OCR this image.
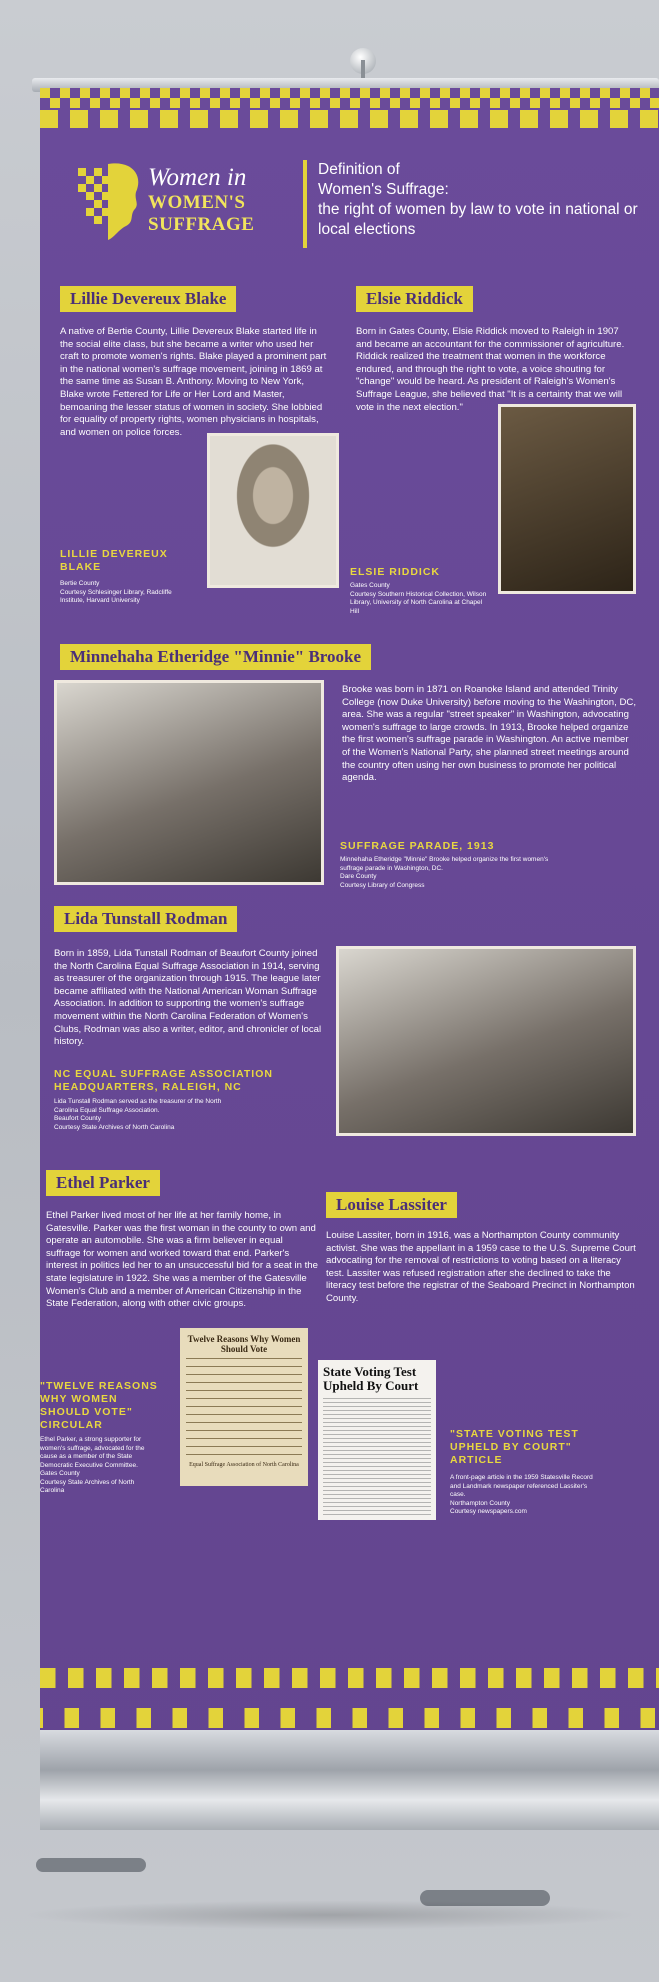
Women in
WOMEN'S
SUFFRAGE
Definition of
Women's Suffrage:
the right of women by law to vote in national or local elections
Lillie Devereux Blake
A native of Bertie County, Lillie Devereux Blake started life in the social elite class, but she became a writer who used her craft to promote women's rights. Blake played a prominent part in the national women's suffrage movement, joining in 1869 at the same time as Susan B. Anthony. Moving to New York, Blake wrote Fettered for Life or Her Lord and Master, bemoaning the lesser status of women in society. She lobbied for equality of property rights, women physicians in hospitals, and women on police forces.
LILLIE DEVEREUX BLAKE
Bertie County
Courtesy Schlesinger Library, Radcliffe Institute, Harvard University
Elsie Riddick
Born in Gates County, Elsie Riddick moved to Raleigh in 1907 and became an accountant for the commissioner of agriculture. Riddick realized the treatment that women in the workforce endured, and through the right to vote, a voice shouting for "change" would be heard. As president of Raleigh's Women's Suffrage League, she believed that "It is a certainty that we will vote in the next election."
ELSIE RIDDICK
Gates County
Courtesy Southern Historical Collection, Wilson Library, University of North Carolina at Chapel Hill
Minnehaha Etheridge "Minnie" Brooke
Brooke was born in 1871 on Roanoke Island and attended Trinity College (now Duke University) before moving to the Washington, DC, area. She was a regular "street speaker" in Washington, advocating women's suffrage to large crowds. In 1913, Brooke helped organize the first women's suffrage parade in Washington. An active member of the Women's National Party, she planned street meetings around the country often using her own business to promote her political agenda.
SUFFRAGE PARADE, 1913
Minnehaha Etheridge "Minnie" Brooke helped organize the first women's suffrage parade in Washington, DC.
Dare County
Courtesy Library of Congress
Lida Tunstall Rodman
Born in 1859, Lida Tunstall Rodman of Beaufort County joined the North Carolina Equal Suffrage Association in 1914, serving as treasurer of the organization through 1915. The league later became affiliated with the National American Woman Suffrage Association. In addition to supporting the women's suffrage movement within the North Carolina Federation of Women's Clubs, Rodman was also a writer, editor, and chronicler of local history.
NC EQUAL SUFFRAGE ASSOCIATION HEADQUARTERS, RALEIGH, NC
Lida Tunstall Rodman served as the treasurer of the North Carolina Equal Suffrage Association.
Beaufort County
Courtesy State Archives of North Carolina
Ethel Parker
Ethel Parker lived most of her life at her family home, in Gatesville. Parker was the first woman in the county to own and operate an automobile. She was a firm believer in equal suffrage for women and worked toward that end. Parker's interest in politics led her to an unsuccessful bid for a seat in the state legislature in 1922. She was a member of the Gatesville Women's Club and a member of American Citizenship in the State Federation, along with other civic groups.
Twelve Reasons Why Women Should Vote
Equal Suffrage Association of North Carolina
"TWELVE REASONS WHY WOMEN SHOULD VOTE" CIRCULAR
Ethel Parker, a strong supporter for women's suffrage, advocated for the cause as a member of the State Democratic Executive Committee.
Gates County
Courtesy State Archives of North Carolina
Louise Lassiter
Louise Lassiter, born in 1916, was a Northampton County community activist. She was the appellant in a 1959 case to the U.S. Supreme Court advocating for the removal of restrictions to voting based on a literacy test. Lassiter was refused registration after she declined to take the literacy test before the registrar of the Seaboard Precinct in Northampton County.
State Voting Test Upheld By Court
"STATE VOTING TEST UPHELD BY COURT" ARTICLE
A front-page article in the 1959 Statesville Record and Landmark newspaper referenced Lassiter's case.
Northampton County
Courtesy newspapers.com
